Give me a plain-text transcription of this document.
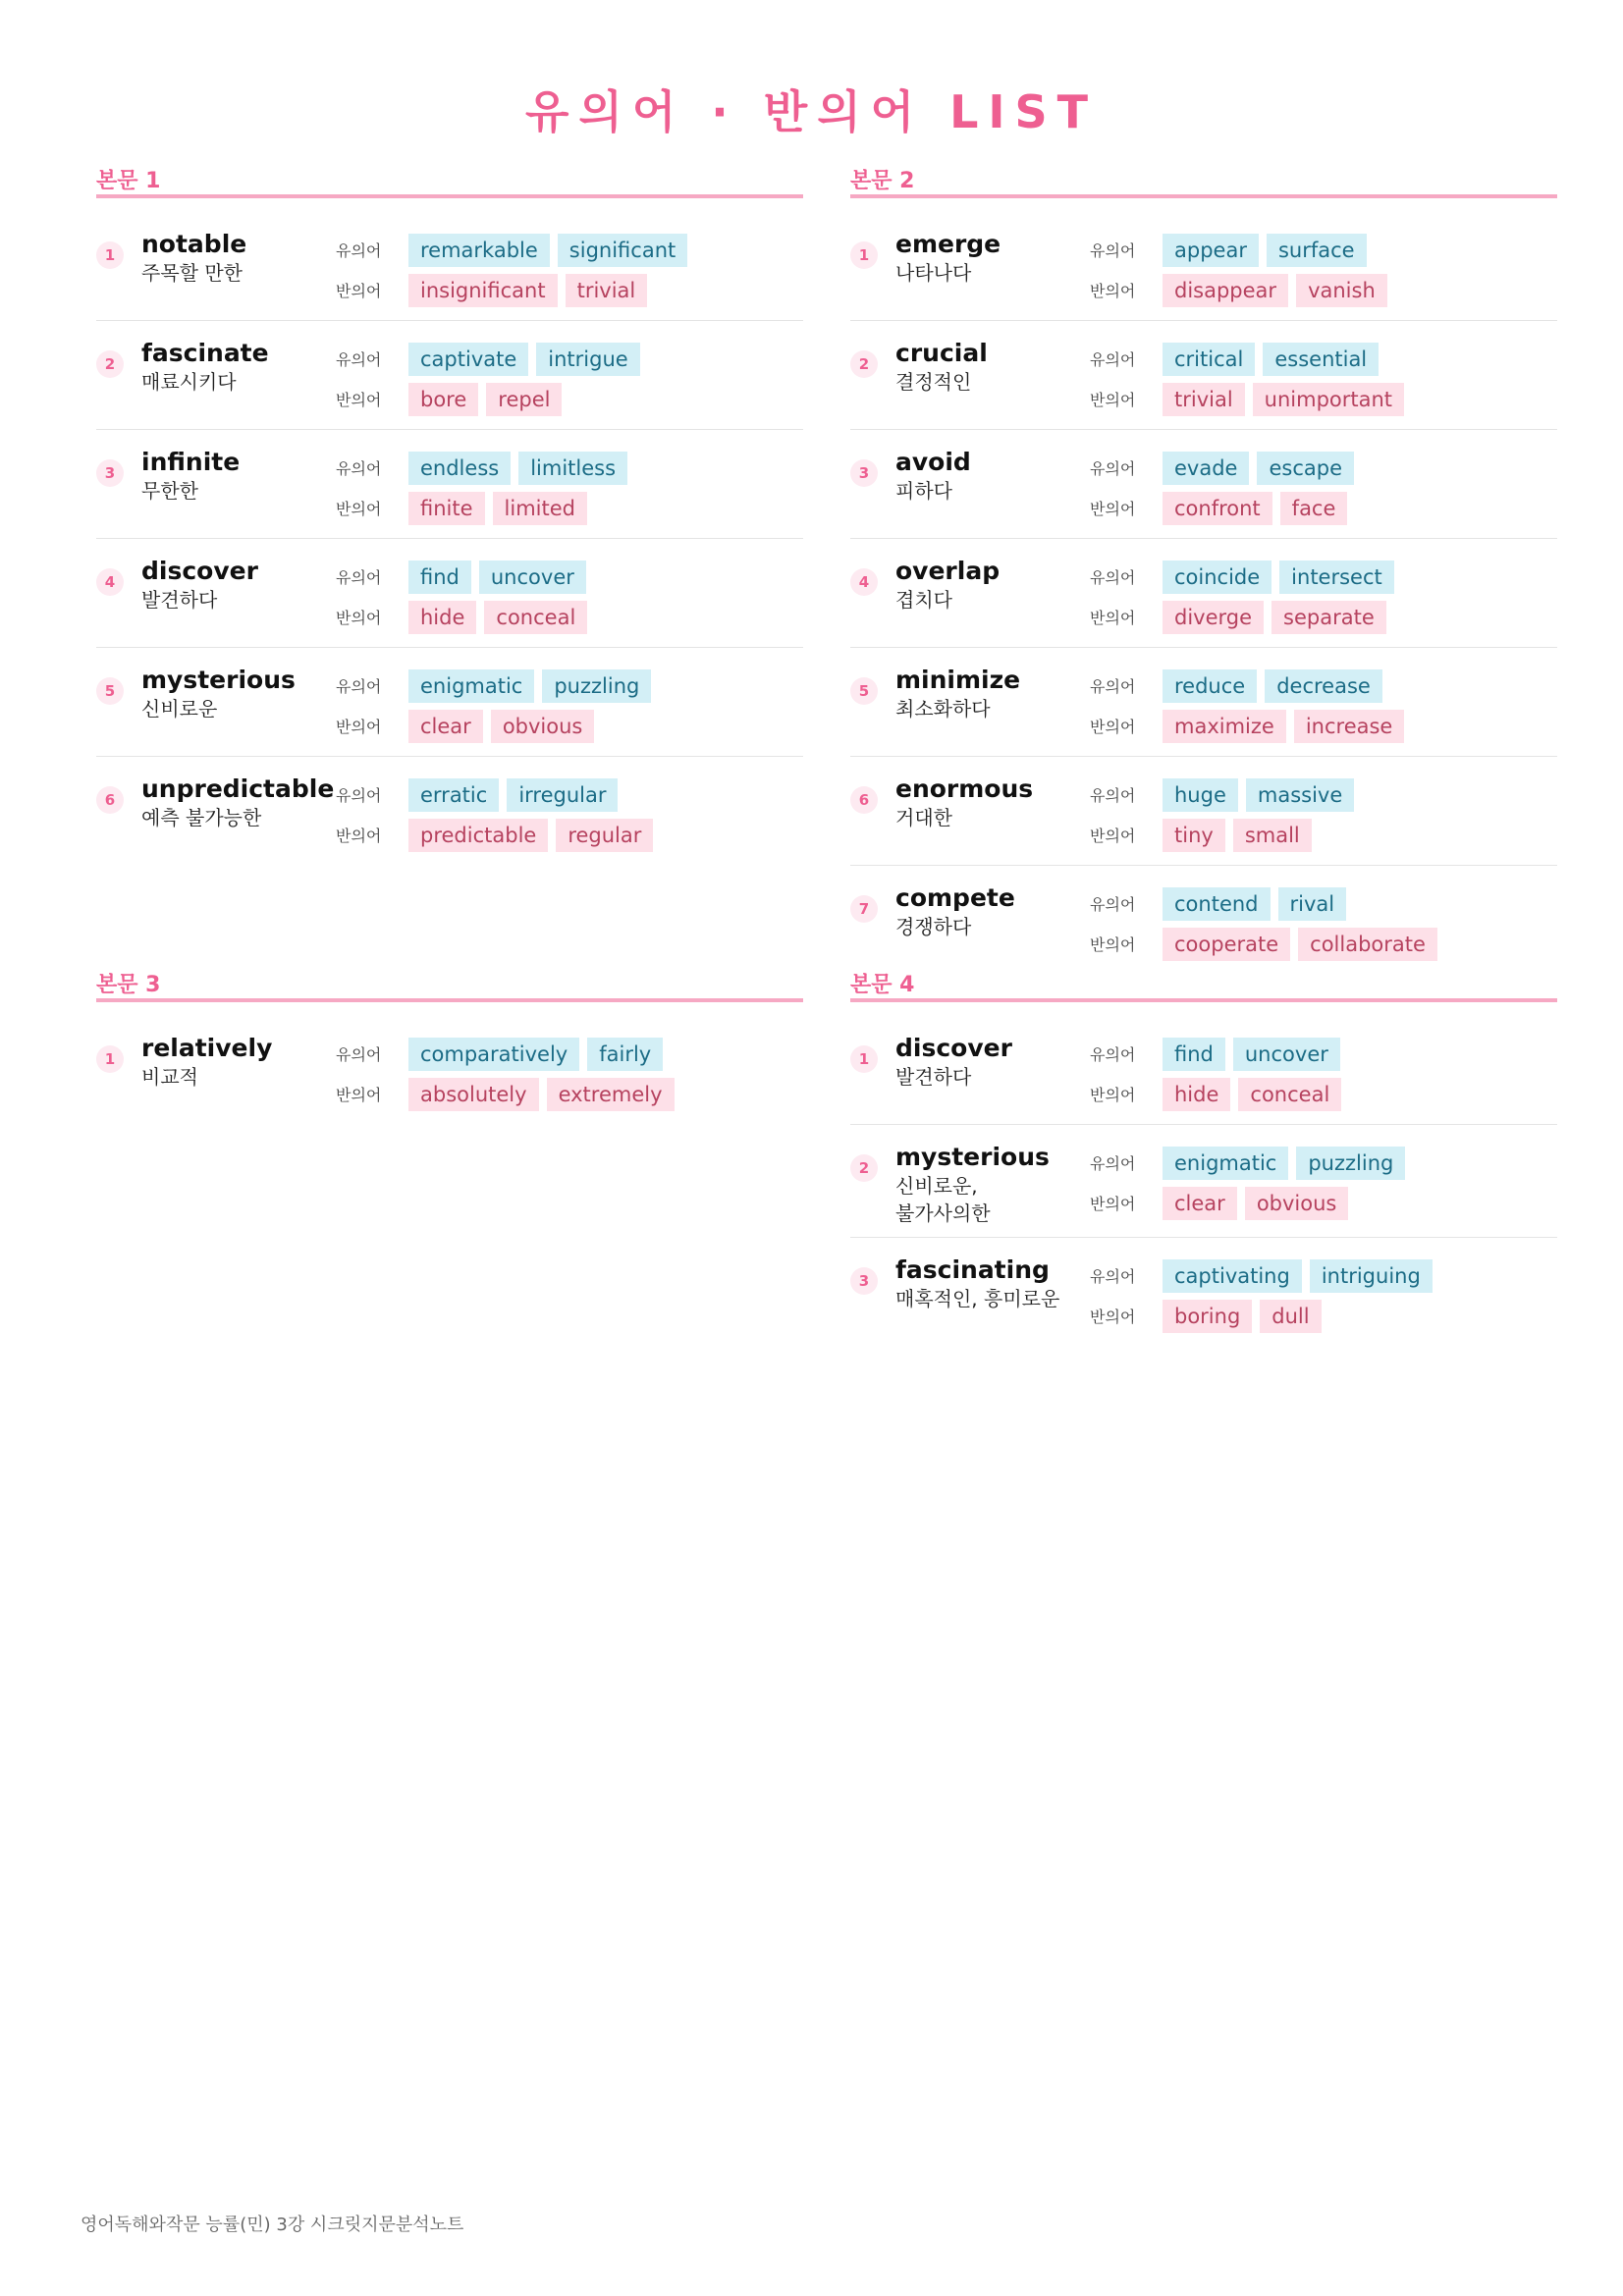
유의어 · 반의어 LIST
본문 1
1	notable
주목할 만한
유의어	remarkable	significant
반의어	insignificant	trivial
2	fascinate
매료시키다
유의어	captivate	intrigue
반의어	bore	repel
3	infinite
무한한
유의어	endless	limitless
반의어	finite	limited
4	discover
발견하다
유의어	find	uncover
반의어	hide	conceal
5	mysterious
신비로운
유의어	enigmatic	puzzling
반의어	clear	obvious
6	unpredictable
예측 불가능한
유의어	erratic	irregular
반의어	predictable	regular
본문 2
1	emerge
나타나다
유의어	appear	surface
반의어	disappear	vanish
2	crucial
결정적인
유의어	critical	essential
반의어	trivial	unimportant
3	avoid
피하다
유의어	evade	escape
반의어	confront	face
4	overlap
겹치다
유의어	coincide	intersect
반의어	diverge	separate
5	minimize
최소화하다
유의어	reduce	decrease
반의어	maximize	increase
6	enormous
거대한
유의어	huge	massive
반의어	tiny	small
7	compete
경쟁하다
유의어	contend	rival
반의어	cooperate	collaborate
본문 3
1	relatively
비교적
유의어	comparatively	fairly
반의어	absolutely	extremely
본문 4
1	discover
발견하다
유의어	find	uncover
반의어	hide	conceal
2	mysterious
신비로운,
불가사의한
유의어	enigmatic	puzzling
반의어	clear	obvious
3	fascinating
매혹적인, 흥미로운
유의어	captivating	intriguing
반의어	boring	dull
영어독해와작문 능률(민) 3강 시크릿지문분석노트
